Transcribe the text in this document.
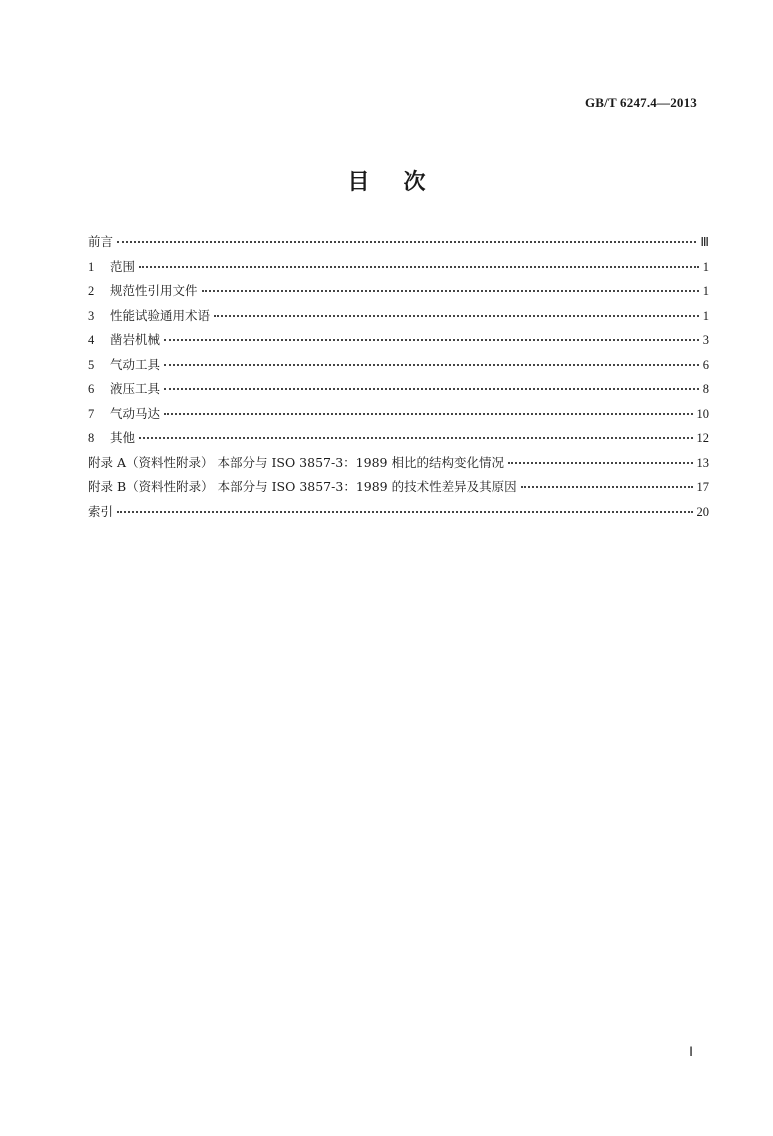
GB/T 6247.4—2013
目次
前言	Ⅲ
1	范围	1
2	规范性引用文件	1
3	性能试验通用术语	1
4	凿岩机械	3
5	气动工具	6
6	液压工具	8
7	气动马达	10
8	其他	12
附录 A（资料性附录） 本部分与 ISO 3857-3：1989 相比的结构变化情况	13
附录 B（资料性附录） 本部分与 ISO 3857-3：1989 的技术性差异及其原因	17
索引	20
Ⅰ
